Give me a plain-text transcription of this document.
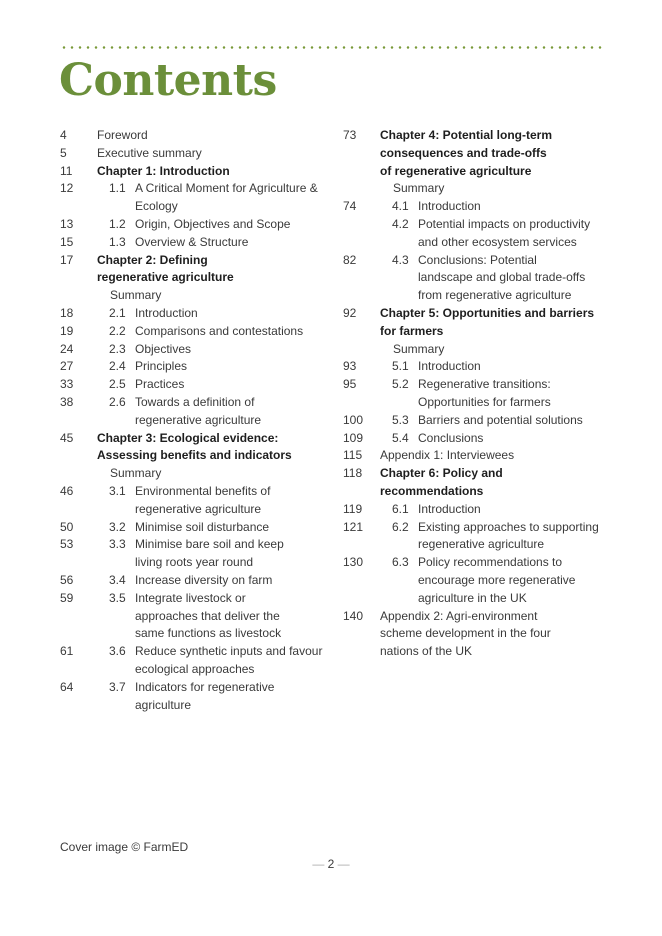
Contents
4	Foreword
5	Executive summary
11	Chapter 1: Introduction
12	1.1 A Critical Moment for Agriculture & Ecology
13	1.2 Origin, Objectives and Scope
15	1.3 Overview & Structure
17	Chapter 2: Defining regenerative agriculture
Summary
18	2.1 Introduction
19	2.2 Comparisons and contestations
24	2.3 Objectives
27	2.4 Principles
33	2.5 Practices
38	2.6 Towards a definition of regenerative agriculture
45	Chapter 3: Ecological evidence: Assessing benefits and indicators
Summary
46	3.1 Environmental benefits of regenerative agriculture
50	3.2 Minimise soil disturbance
53	3.3 Minimise bare soil and keep living roots year round
56	3.4 Increase diversity on farm
59	3.5 Integrate livestock or approaches that deliver the same functions as livestock
61	3.6 Reduce synthetic inputs and favour ecological approaches
64	3.7 Indicators for regenerative agriculture
73	Chapter 4: Potential long-term consequences and trade-offs of regenerative agriculture
Summary
74	4.1 Introduction
4.2 Potential impacts on productivity and other ecosystem services
82	4.3 Conclusions: Potential landscape and global trade-offs from regenerative agriculture
92	Chapter 5: Opportunities and barriers for farmers
Summary
93	5.1 Introduction
95	5.2 Regenerative transitions: Opportunities for farmers
100 5.3 Barriers and potential solutions
109 5.4 Conclusions
115	Appendix 1: Interviewees
118	Chapter 6: Policy and recommendations
119 6.1 Introduction
121 6.2 Existing approaches to supporting regenerative agriculture
130 6.3 Policy recommendations to encourage more regenerative agriculture in the UK
140	Appendix 2: Agri-environment scheme development in the four nations of the UK
Cover image © FarmED
— 2 —
